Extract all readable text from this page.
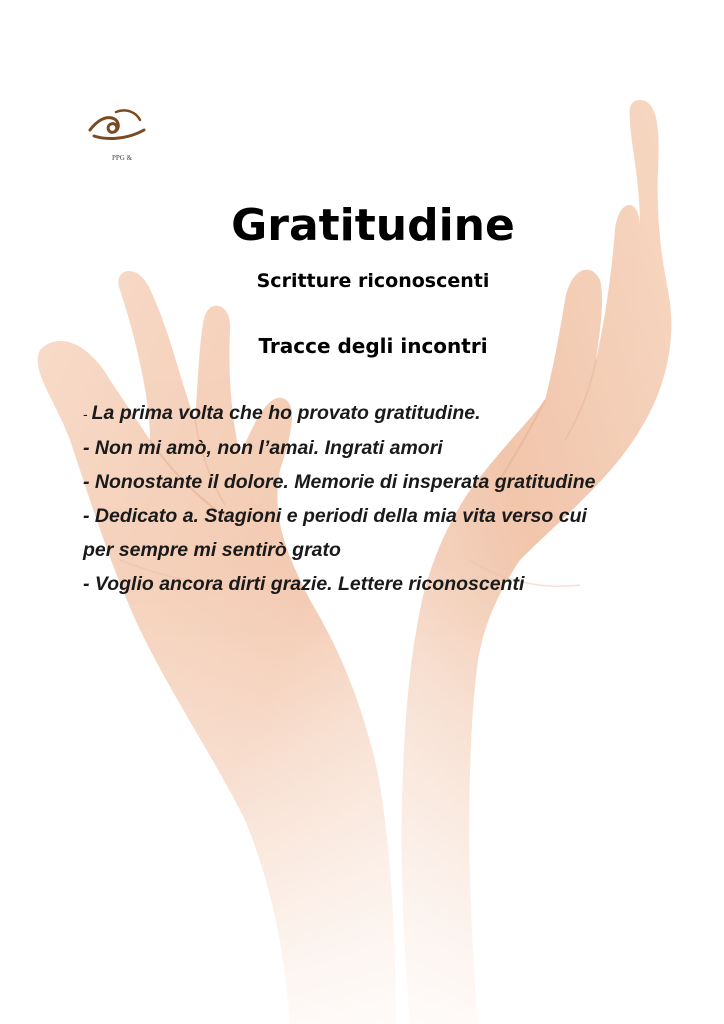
PPG &
Gratitudine
Scritture riconoscenti
Tracce degli incontri
- La prima volta che ho provato gratitudine.
- Non mi amò, non l’amai. Ingrati amori
- Nonostante il dolore. Memorie di insperata gratitudine
- Dedicato a. Stagioni e periodi della mia vita verso cui
per sempre mi sentirò grato
- Voglio ancora dirti grazie. Lettere riconoscenti
